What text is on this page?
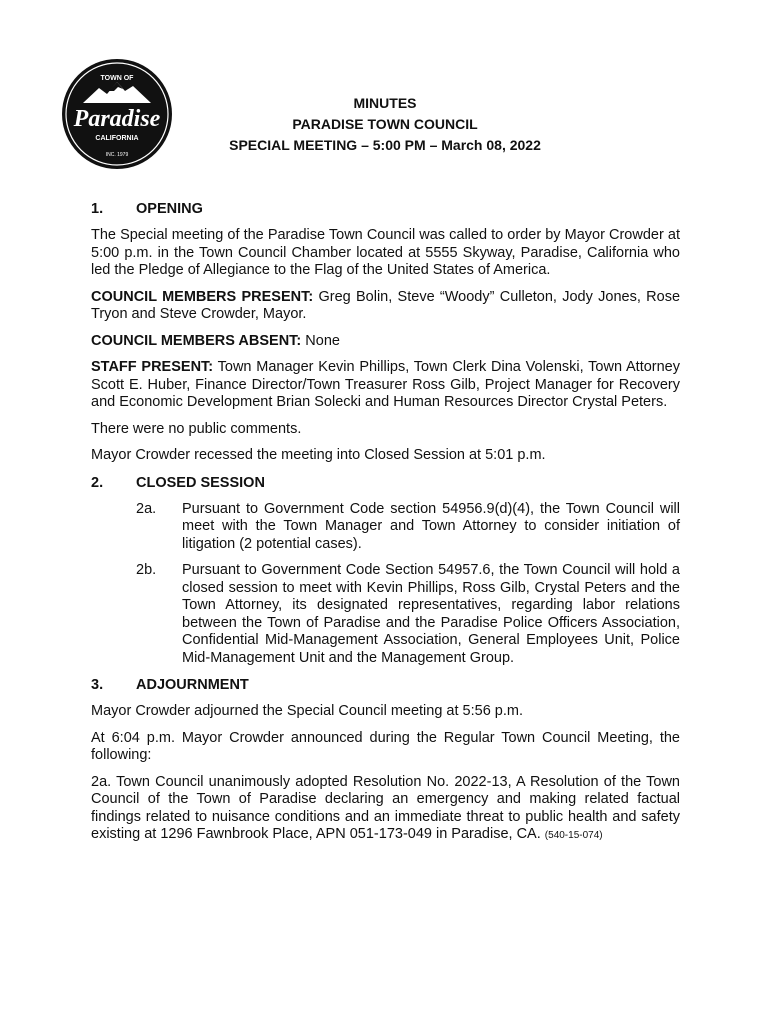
TOWN OF
Paradise
CALIFORNIA
INC. 1979
MINUTES
PARADISE TOWN COUNCIL
SPECIAL MEETING – 5:00 PM – March 08, 2022
1.	OPENING

The Special meeting of the Paradise Town Council was called to order by Mayor Crowder at 5:00 p.m. in the Town Council Chamber located at 5555 Skyway, Paradise, California who led the Pledge of Allegiance to the Flag of the United States of America.

COUNCIL MEMBERS PRESENT: Greg Bolin, Steve “Woody” Culleton, Jody Jones, Rose Tryon and Steve Crowder, Mayor.

COUNCIL MEMBERS ABSENT: None

STAFF PRESENT: Town Manager Kevin Phillips, Town Clerk Dina Volenski, Town Attorney Scott E. Huber, Finance Director/Town Treasurer Ross Gilb, Project Manager for Recovery and Economic Development Brian Solecki and Human Resources Director Crystal Peters.

There were no public comments.

Mayor Crowder recessed the meeting into Closed Session at 5:01 p.m.

2.	CLOSED SESSION
2a.	Pursuant to Government Code section 54956.9(d)(4), the Town Council will meet with the Town Manager and Town Attorney to consider initiation of litigation (2 potential cases).
2b.	Pursuant to Government Code Section 54957.6, the Town Council will hold a closed session to meet with Kevin Phillips, Ross Gilb, Crystal Peters and the Town Attorney, its designated representatives, regarding labor relations between the Town of Paradise and the Paradise Police Officers Association, Confidential Mid-Management Association, General Employees Unit, Police Mid-Management Unit and the Management Group.
3.	ADJOURNMENT

Mayor Crowder adjourned the Special Council meeting at 5:56 p.m.

At 6:04 p.m. Mayor Crowder announced during the Regular Town Council Meeting, the following:

2a. Town Council unanimously adopted Resolution No. 2022-13, A Resolution of the Town Council of the Town of Paradise declaring an emergency and making related factual findings related to nuisance conditions and an immediate threat to public health and safety existing at 1296 Fawnbrook Place, APN 051-173-049 in Paradise, CA. (540-15-074)
